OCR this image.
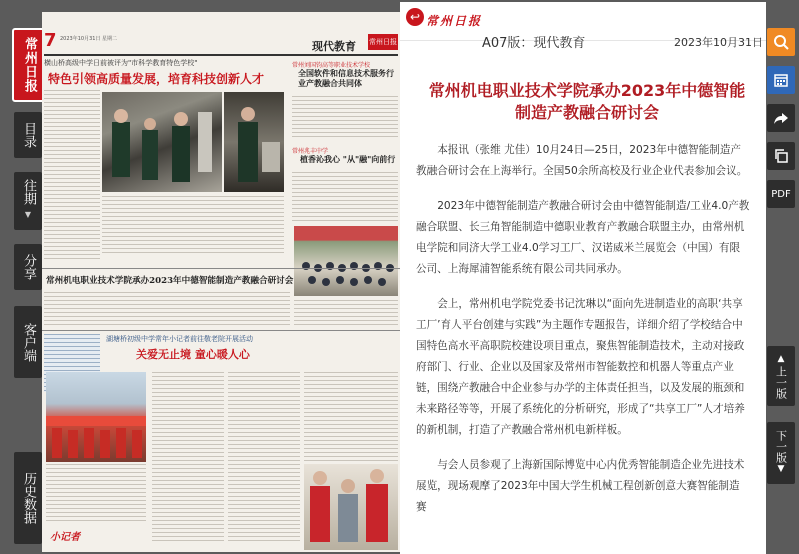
常州日报
目录
往期
▼
分享
客户端
历史数据
7 2023年10月31日 星期二
现代教育 常州日报
横山桥高级中学日前被评为"市科学教育特色学校"
特色引领高质量发展，培育科技创新人才
常州刘国钧高等职业技术学校
全国软件和信息技术服务行业产教融合共同体
常州兆丰中学
植香沁我心 "从"融"向前行
常州机电职业技术学院承办2023年中德智能制造产教融合研讨会
湖塘桥初级中学常年小记者前往敬老院开展活动
关爱无止境 童心暖人心
小记者
↩ 常州日报
A07版：现代教育	2023年10月31日
常州机电职业技术学院承办2023年中德智能制造产教融合研讨会

本报讯（张维 尤佳）10月24日—25日，2023年中德智能制造产教融合研讨会在上海举行。全国50余所高校及行业企业代表参加会议。

2023年中德智能制造产教融合研讨会由中德智能制造/工业4.0产教融合联盟、长三角智能制造中德职业教育产教融合联盟主办，由常州机电学院和同济大学工业4.0学习工厂、汉诺威米兰展览会（中国）有限公司、上海犀浦智能系统有限公司共同承办。

会上，常州机电学院党委书记沈琳以“面向先进制造业的高职‘共享工厂’育人平台创建与实践”为主题作专题报告，详细介绍了学校结合中国特色高水平高职院校建设项目重点，聚焦智能制造技术，主动对接政府部门、行业、企业以及国家及常州市智能数控和机器人等重点产业链，围绕产教融合中企业参与办学的主体责任担当，以及发展的瓶颈和未来路径等等，开展了系统化的分析研究，形成了“共享工厂”人才培养的新机制，打造了产教融合常州机电新样板。

与会人员参观了上海新国际博览中心内优秀智能制造企业先进技术展览，现场观摩了2023年中国大学生机械工程创新创意大赛智能制造赛

PDF
▲
上一版
下一版
▼
